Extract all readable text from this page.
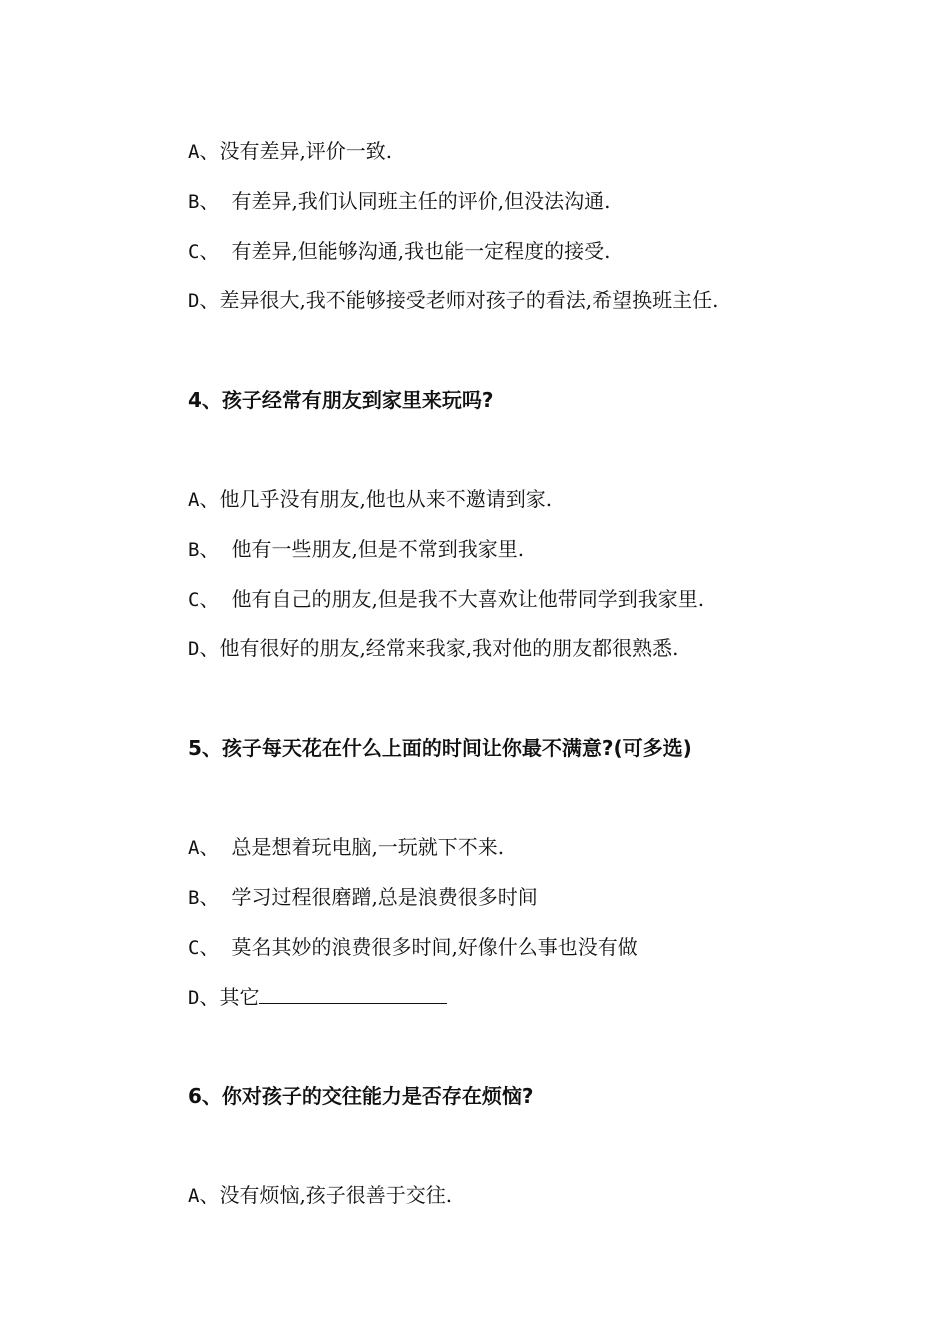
A、没有差异,评价一致.
B、 有差异,我们认同班主任的评价,但没法沟通.
C、 有差异,但能够沟通,我也能一定程度的接受.
D、差异很大,我不能够接受老师对孩子的看法,希望换班主任.
4、孩子经常有朋友到家里来玩吗?
A、他几乎没有朋友,他也从来不邀请到家.
B、 他有一些朋友,但是不常到我家里.
C、 他有自己的朋友,但是我不大喜欢让他带同学到我家里.
D、他有很好的朋友,经常来我家,我对他的朋友都很熟悉.
5、孩子每天花在什么上面的时间让你最不满意?(可多选)
A、 总是想着玩电脑,一玩就下不来.
B、 学习过程很磨蹭,总是浪费很多时间
C、 莫名其妙的浪费很多时间,好像什么事也没有做
D、其它
6、你对孩子的交往能力是否存在烦恼?
A、没有烦恼,孩子很善于交往.
